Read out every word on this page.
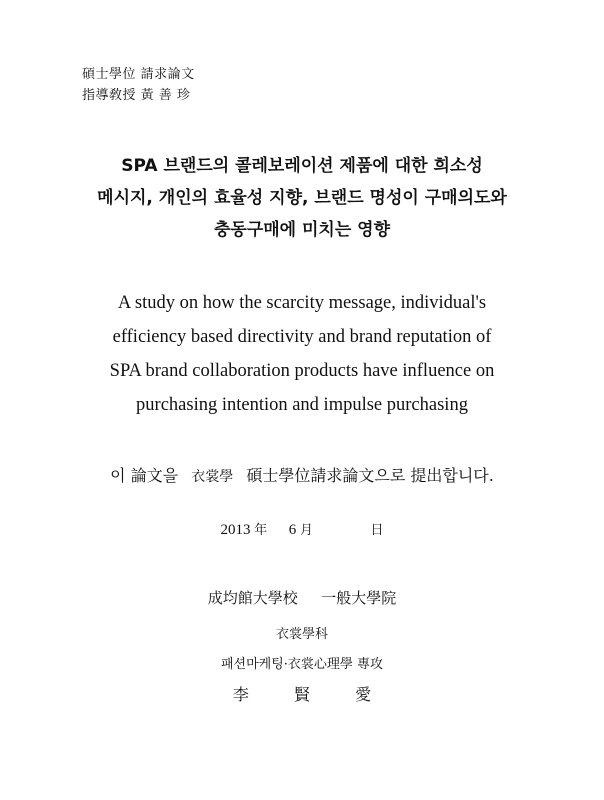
碩士學位 請求論文
指導敎授 黃 善 珍
SPA 브랜드의 콜레보레이션 제품에 대한 희소성
메시지, 개인의 효율성 지향, 브랜드 명성이 구매의도와
충동구매에 미치는 영향
A study on how the scarcity message, individual's
efficiency based directivity and brand reputation of
SPA brand collaboration products have influence on
purchasing intention and impulse purchasing
이 論文을 衣裳學 碩士學位請求論文으로 提出합니다.
2013 年 6 月	日
成均館大學校 一般大學院
衣裳學科
패션마케팅·衣裳心理學 專攻
李	賢	愛
